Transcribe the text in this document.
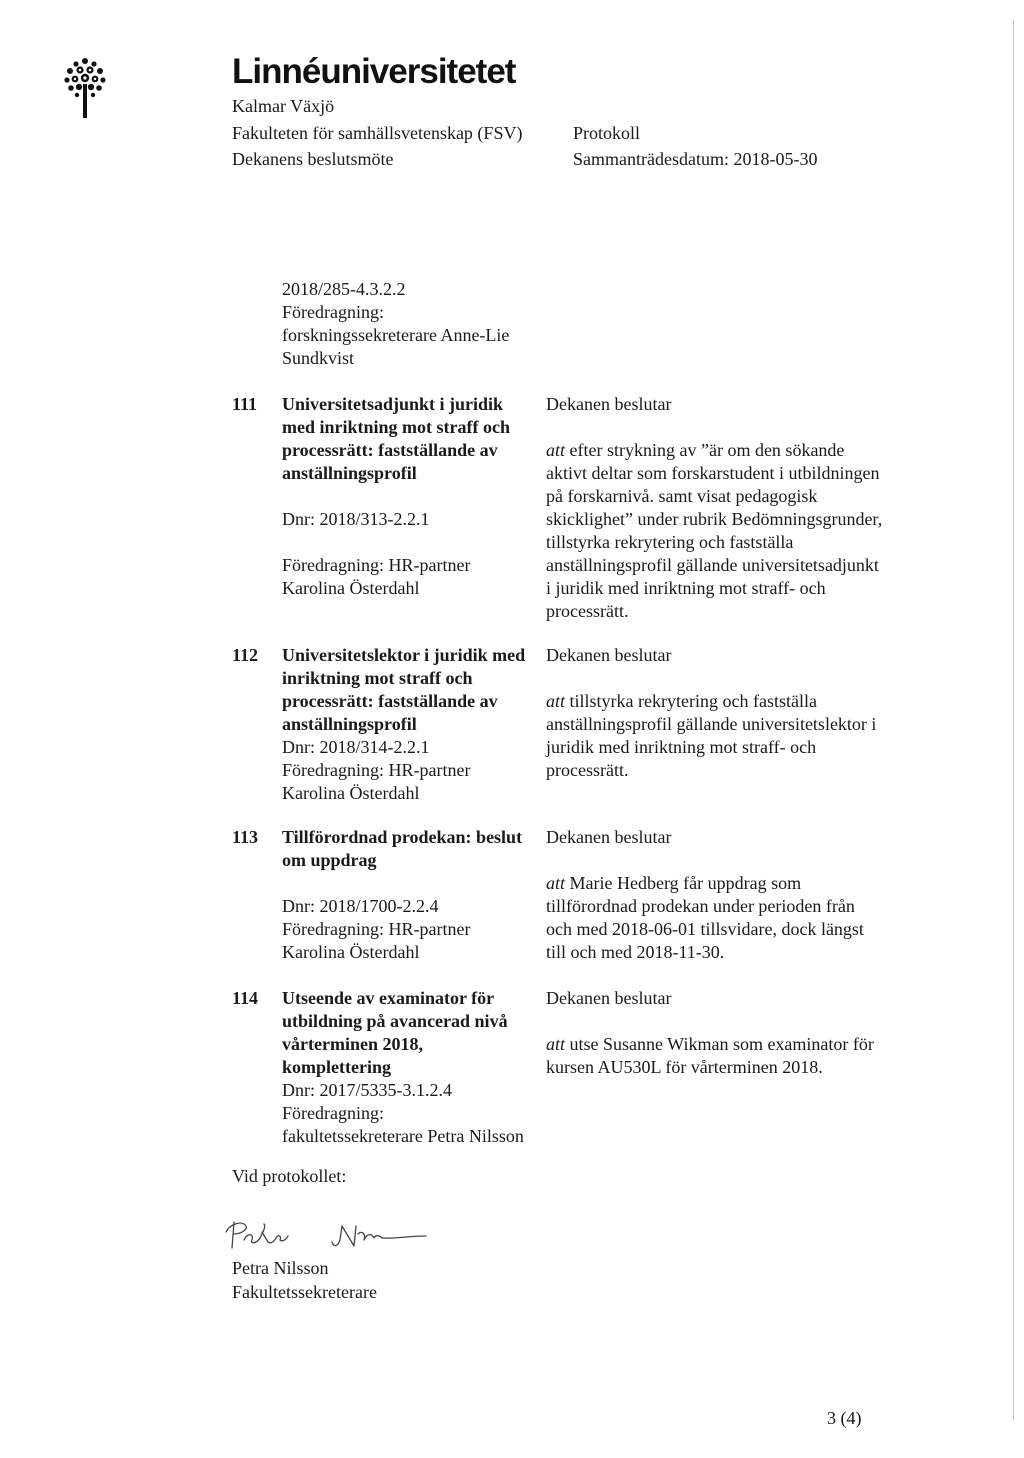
Linnéuniversitetet
Kalmar Växjö
Fakulteten för samhällsvetenskap (FSV)
Dekanens beslutsmöte
Protokoll
Sammanträdesdatum: 2018-05-30
2018/285-4.3.2.2
Föredragning:
forskningssekreterare Anne-Lie
Sundkvist
111 Universitetsadjunkt i juridik
med inriktning mot straff och
processrätt: fastställande av
anställningsprofil
Dnr: 2018/313-2.2.1
Föredragning: HR-partner
Karolina Österdahl
Dekanen beslutar
att efter strykning av ”är om den sökande
aktivt deltar som forskarstudent i utbildningen
på forskarnivå. samt visat pedagogisk
skicklighet” under rubrik Bedömningsgrunder,
tillstyrka rekrytering och fastställa
anställningsprofil gällande universitetsadjunkt
i juridik med inriktning mot straff- och
processrätt.
112 Universitetslektor i juridik med
inriktning mot straff och
processrätt: fastställande av
anställningsprofil
Dnr: 2018/314-2.2.1
Föredragning: HR-partner
Karolina Österdahl
Dekanen beslutar
att tillstyrka rekrytering och fastställa
anställningsprofil gällande universitetslektor i
juridik med inriktning mot straff- och
processrätt.
113 Tillförordnad prodekan: beslut
om uppdrag
Dnr: 2018/1700-2.2.4
Föredragning: HR-partner
Karolina Österdahl
Dekanen beslutar
att Marie Hedberg får uppdrag som
tillförordnad prodekan under perioden från
och med 2018-06-01 tillsvidare, dock längst
till och med 2018-11-30.
114 Utseende av examinator för
utbildning på avancerad nivå
vårterminen 2018,
komplettering
Dnr: 2017/5335-3.1.2.4
Föredragning:
fakultetssekreterare Petra Nilsson
Dekanen beslutar
att utse Susanne Wikman som examinator för
kursen AU530L för vårterminen 2018.
Vid protokollet:
Petra Nilsson
Fakultetssekreterare
3 (4)
